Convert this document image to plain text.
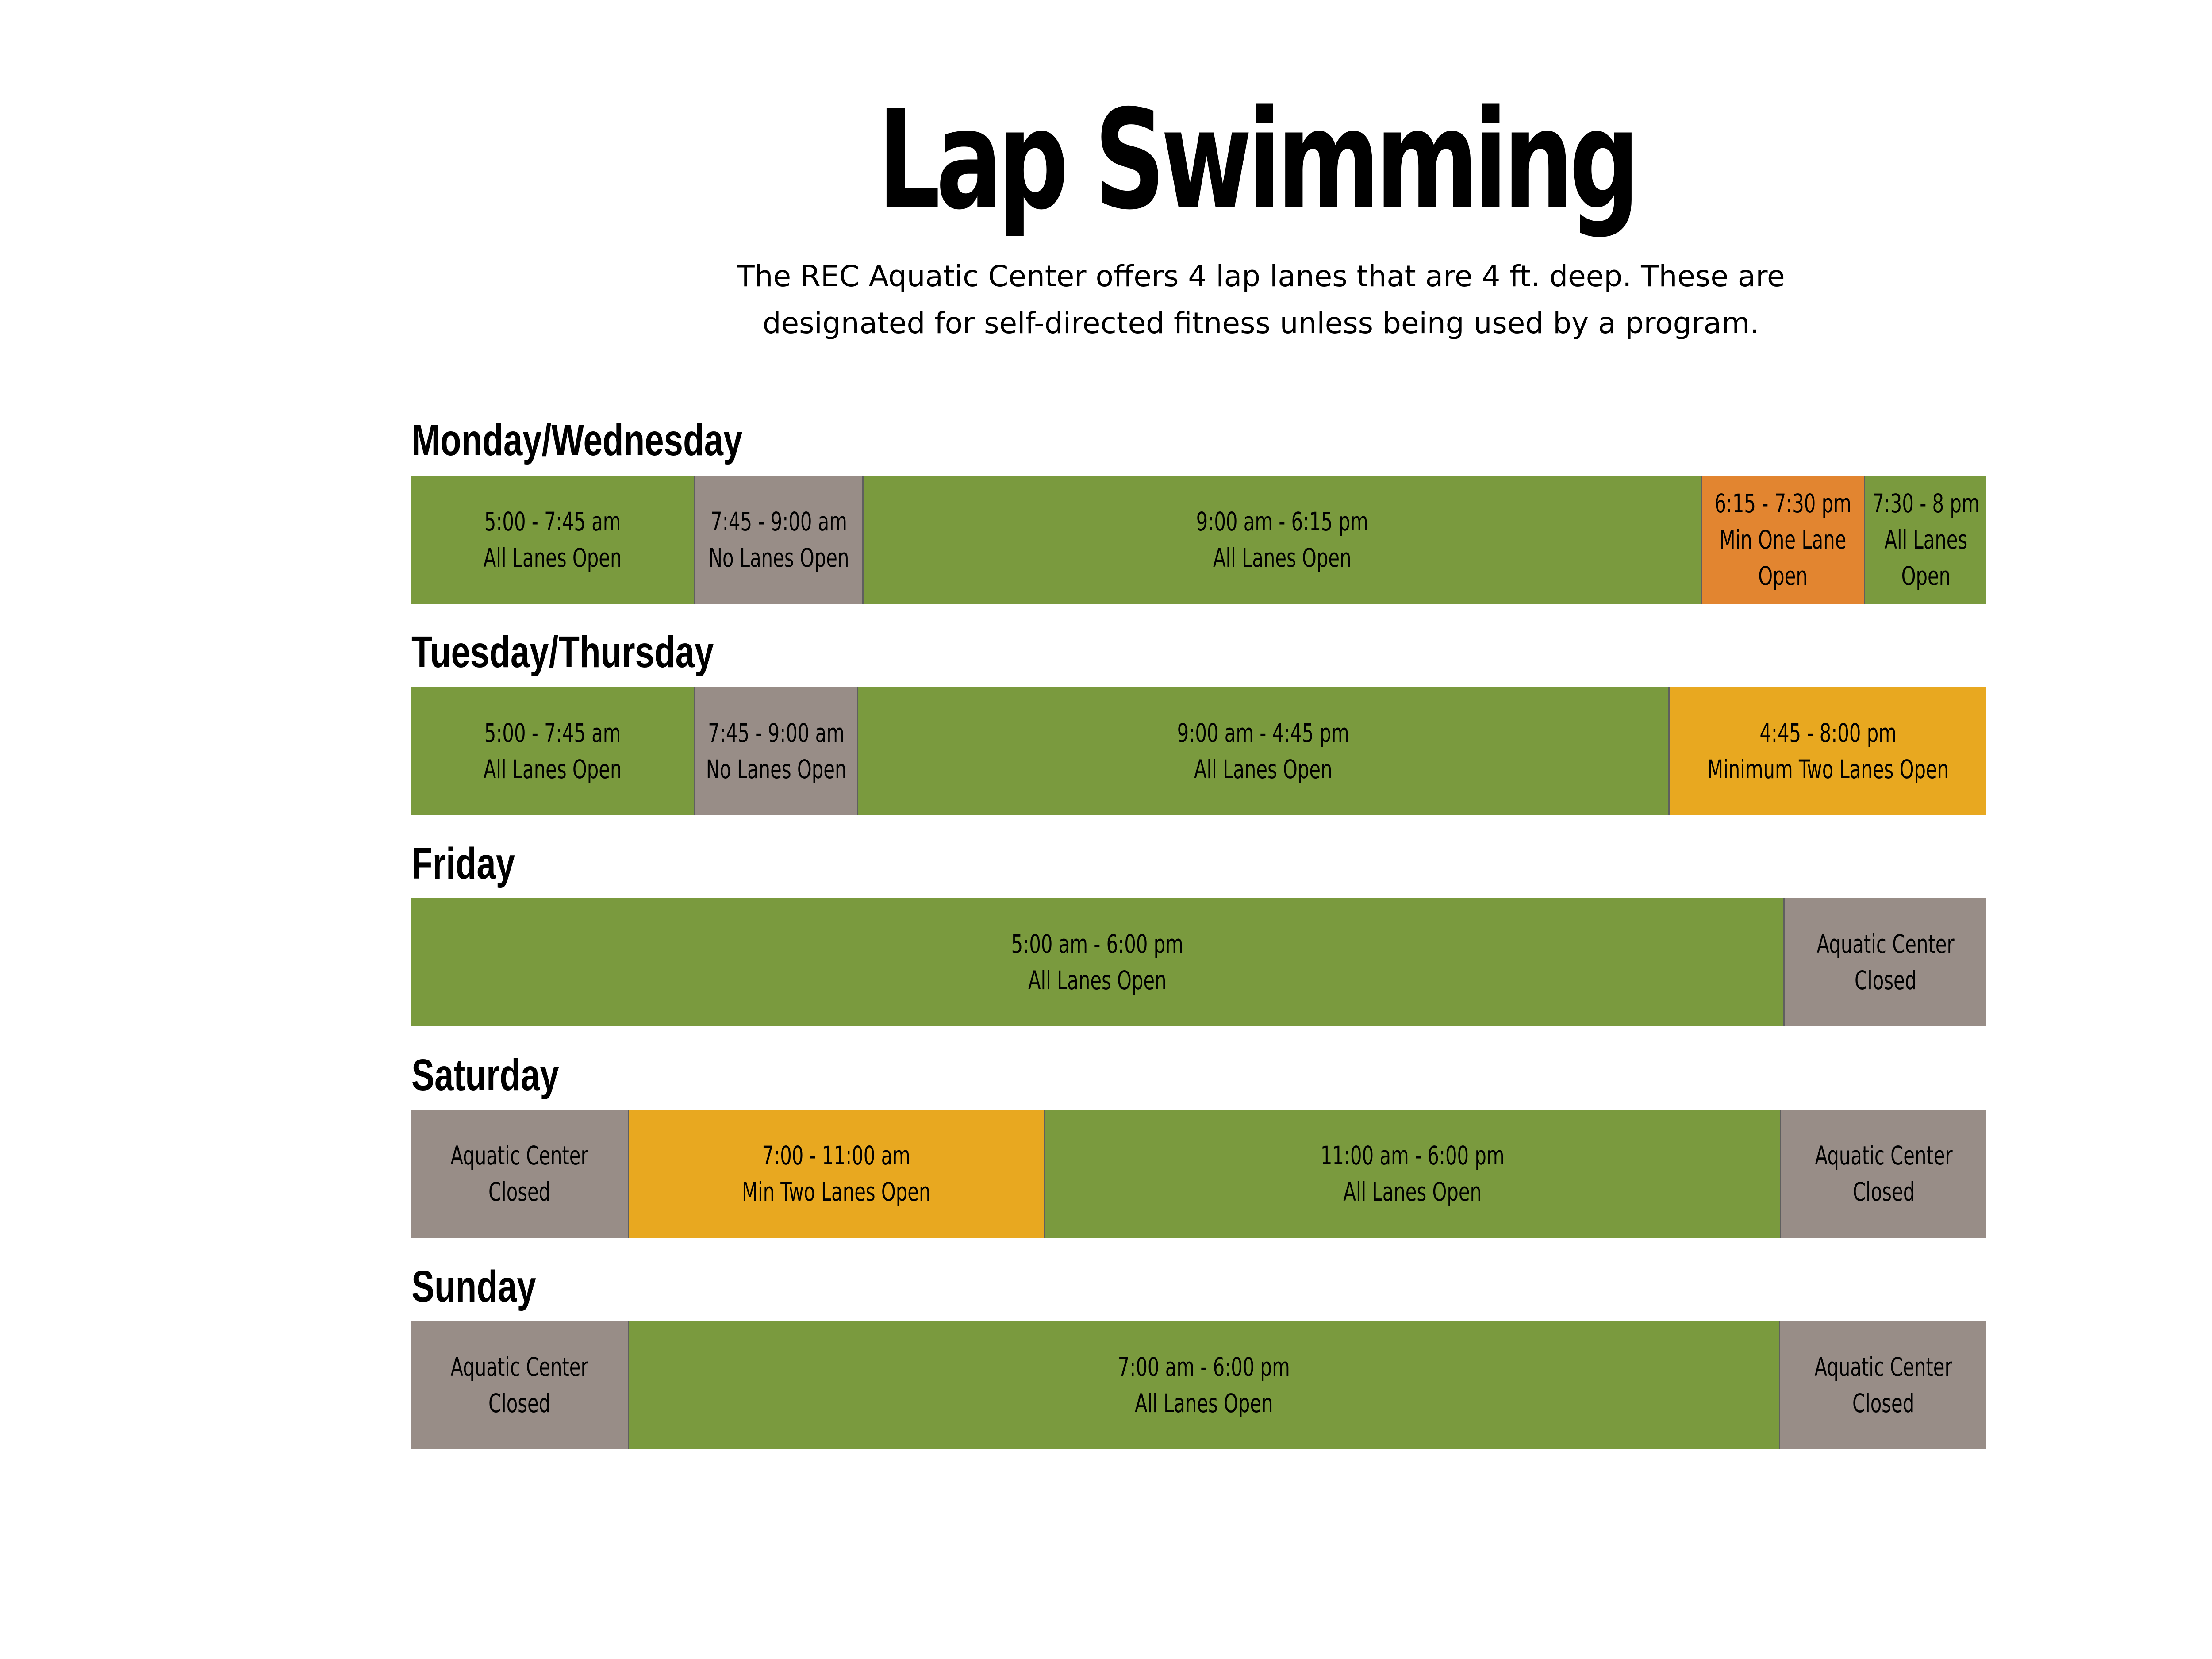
Lap Swimming
The REC Aquatic Center offers 4 lap lanes that are 4 ft. deep. These are
designated for self-directed fitness unless being used by a program.
Monday/Wednesday
5:00 - 7:45 am
All Lanes Open
7:45 - 9:00 am
No Lanes Open
9:00 am - 6:15 pm
All Lanes Open
6:15 - 7:30 pm
Min One Lane
Open
7:30 - 8 pm
All Lanes
Open
Tuesday/Thursday
5:00 - 7:45 am
All Lanes Open
7:45 - 9:00 am
No Lanes Open
9:00 am - 4:45 pm
All Lanes Open
4:45 - 8:00 pm
Minimum Two Lanes Open
Friday
5:00 am - 6:00 pm
All Lanes Open
Aquatic Center
Closed
Saturday
Aquatic Center
Closed
7:00 - 11:00 am
Min Two Lanes Open
11:00 am - 6:00 pm
All Lanes Open
Aquatic Center
Closed
Sunday
Aquatic Center
Closed
7:00 am - 6:00 pm
All Lanes Open
Aquatic Center
Closed
